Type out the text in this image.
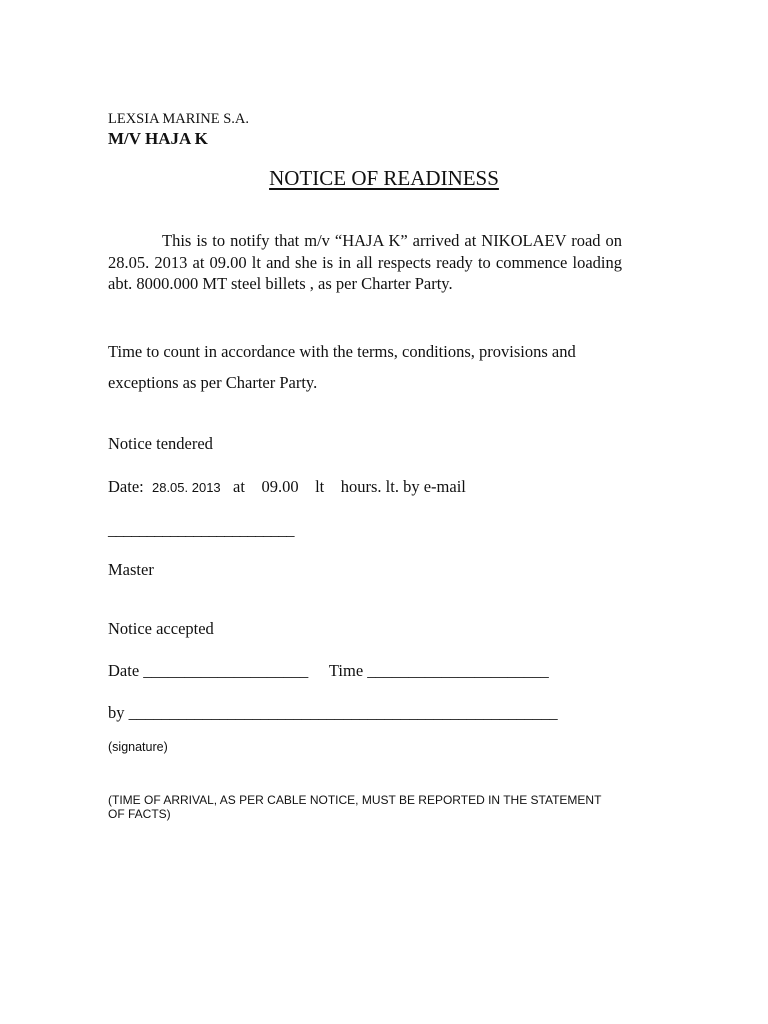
LEXSIA MARINE S.A.
M/V HAJA K
NOTICE OF READINESS
This is to notify that m/v “HAJA K” arrived at NIKOLAEV road on 28.05. 2013 at 09.00 lt and she is in all respects ready to commence loading abt. 8000.000 MT steel billets , as per Charter Party.
Time to count in accordance with the terms, conditions, provisions and
exceptions as per Charter Party.
Notice tendered
Date: 28.05. 2013 at 09.00 lt hours. lt. by e-mail
________________________
Master
Notice accepted
Date ____________________ Time ______________________
by ____________________________________________________
(signature)
(TIME OF ARRIVAL, AS PER CABLE NOTICE, MUST BE REPORTED IN THE STATEMENT OF FACTS)
